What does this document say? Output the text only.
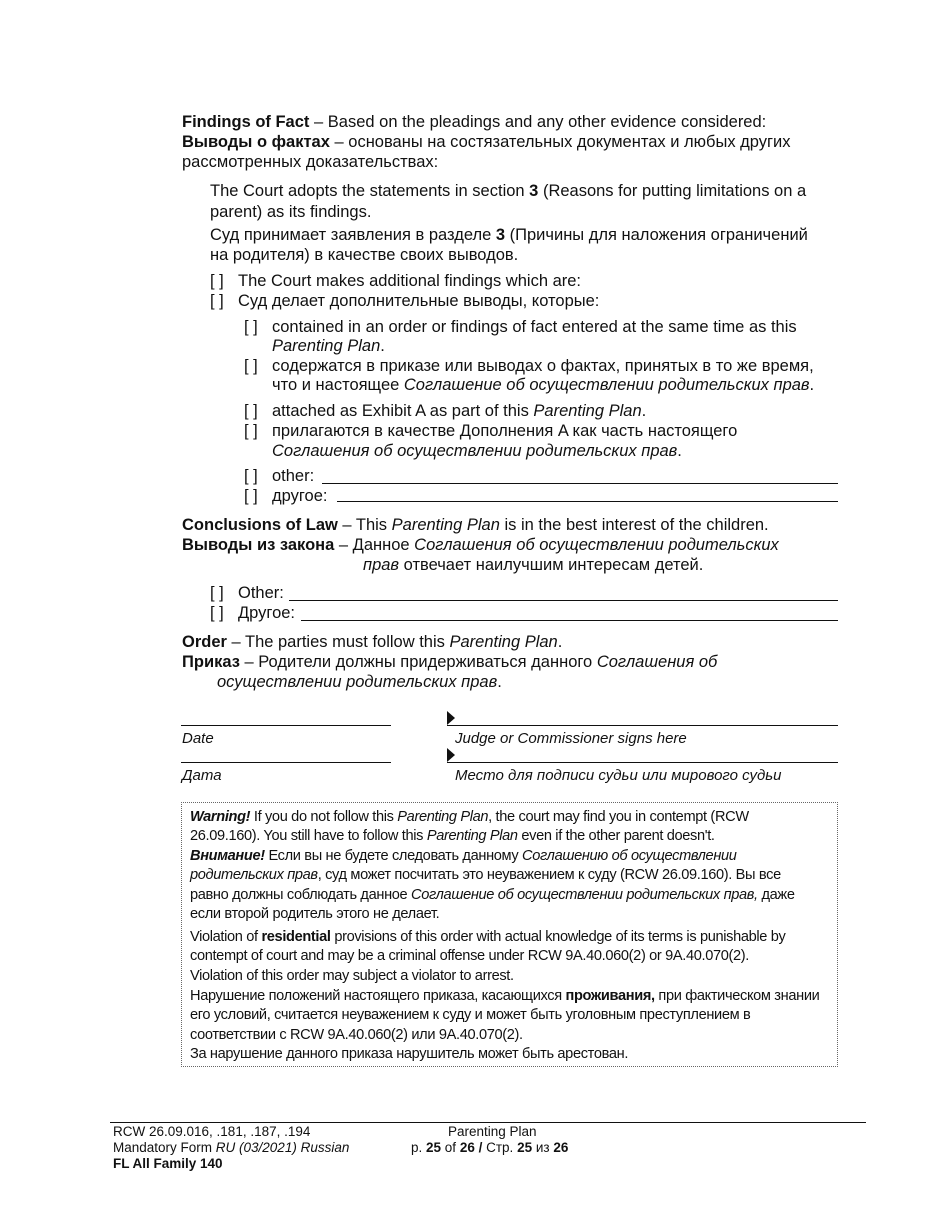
Findings of Fact – Based on the pleadings and any other evidence considered:
Выводы о фактах – основаны на состязательных документах и любых других
рассмотренных доказательствах:
The Court adopts the statements in section 3 (Reasons for putting limitations on a
parent) as its findings.
Суд принимает заявления в разделе 3 (Причины для наложения ограничений
на родителя) в качестве своих выводов.
[ ] The Court makes additional findings which are:
[ ] Суд делает дополнительные выводы, которые:
[ ] contained in an order or findings of fact entered at the same time as this
Parenting Plan.
[ ] содержатся в приказе или выводах о фактах, принятых в то же время,
что и настоящее Соглашение об осуществлении родительских прав.
[ ] attached as Exhibit A as part of this Parenting Plan.
[ ] прилагаются в качестве Дополнения A как часть настоящего
Соглашения об осуществлении родительских прав.
[ ] other:
[ ] другое:
Conclusions of Law – This Parenting Plan is in the best interest of the children.
Выводы из закона – Данное Соглашения об осуществлении родительских
прав отвечает наилучшим интересам детей.
[ ] Other:
[ ] Другое:
Order – The parties must follow this Parenting Plan.
Приказ – Родители должны придерживаться данного Соглашения об
осуществлении родительских прав.
Date	Judge or Commissioner signs here
Дата	Место для подписи судьи или мирового судьи
Warning! If you do not follow this Parenting Plan, the court may find you in contempt (RCW
26.09.160). You still have to follow this Parenting Plan even if the other parent doesn't.
Внимание! Если вы не будете следовать данному Соглашению об осуществлении
родительских прав, суд может посчитать это неуважением к суду (RCW 26.09.160). Вы все
равно должны соблюдать данное Соглашение об осуществлении родительских прав, даже
если второй родитель этого не делает.
Violation of residential provisions of this order with actual knowledge of its terms is punishable by
contempt of court and may be a criminal offense under RCW 9A.40.060(2) or 9A.40.070(2).
Violation of this order may subject a violator to arrest.
Нарушение положений настоящего приказа, касающихся проживания, при фактическом знании
его условий, считается неуважением к суду и может быть уголовным преступлением в
соответствии с RCW 9A.40.060(2) или 9A.40.070(2).
За нарушение данного приказа нарушитель может быть арестован.
RCW 26.09.016, .181, .187, .194
Mandatory Form RU (03/2021) Russian
FL All Family 140
Parenting Plan
p. 25 of 26 / Стр. 25 из 26
